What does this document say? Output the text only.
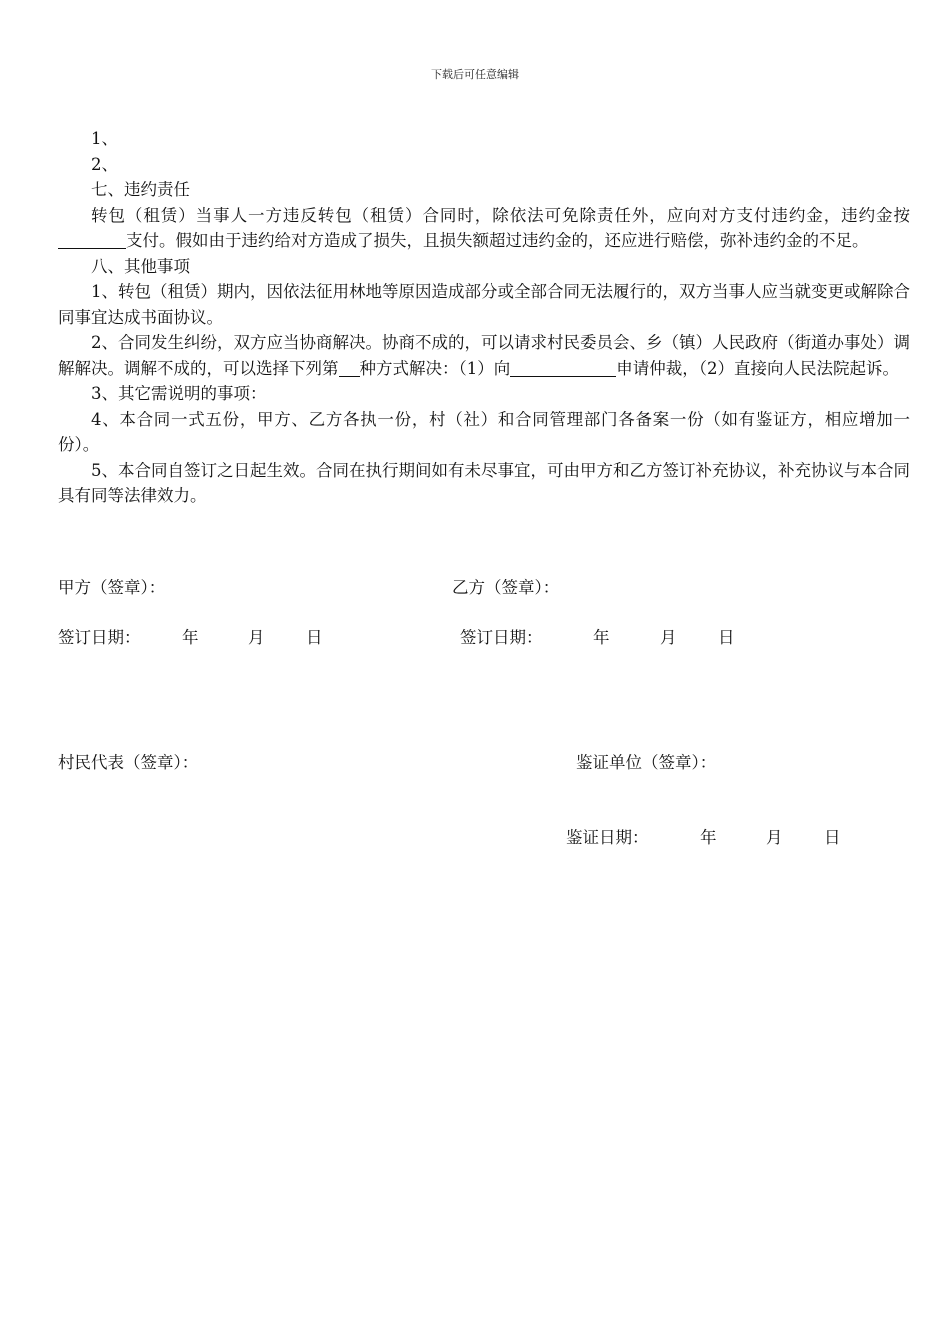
下载后可任意编辑

1、

2、

七、违约责任

转包（租赁）当事人一方违反转包（租赁）合同时，除依法可免除责任外，应向对方支付违约金，违约金按支付。假如由于违约给对方造成了损失，且损失额超过违约金的，还应进行赔偿，弥补违约金的不足。

八、其他事项

1、转包（租赁）期内，因依法征用林地等原因造成部分或全部合同无法履行的，双方当事人应当就变更或解除合同事宜达成书面协议。

2、合同发生纠纷，双方应当协商解决。协商不成的，可以请求村民委员会、乡（镇）人民政府（街道办事处）调解解决。调解不成的，可以选择下列第 种方式解决：（1）向	申请仲裁，（2）直接向人民法院起诉。

3、其它需说明的事项：

4、本合同一式五份，甲方、乙方各执一份，村（社）和合同管理部门各备案一份（如有鉴证方，相应增加一份）。

5、本合同自签订之日起生效。合同在执行期间如有未尽事宜，可由甲方和乙方签订补充协议，补充协议与本合同具有同等法律效力。

甲方（签章）：	乙方（签章）：
签订日期：	年	月	日	签订日期：	年	月	日
村民代表（签章）：	鉴证单位（签章）：
鉴证日期：	年	月	日
